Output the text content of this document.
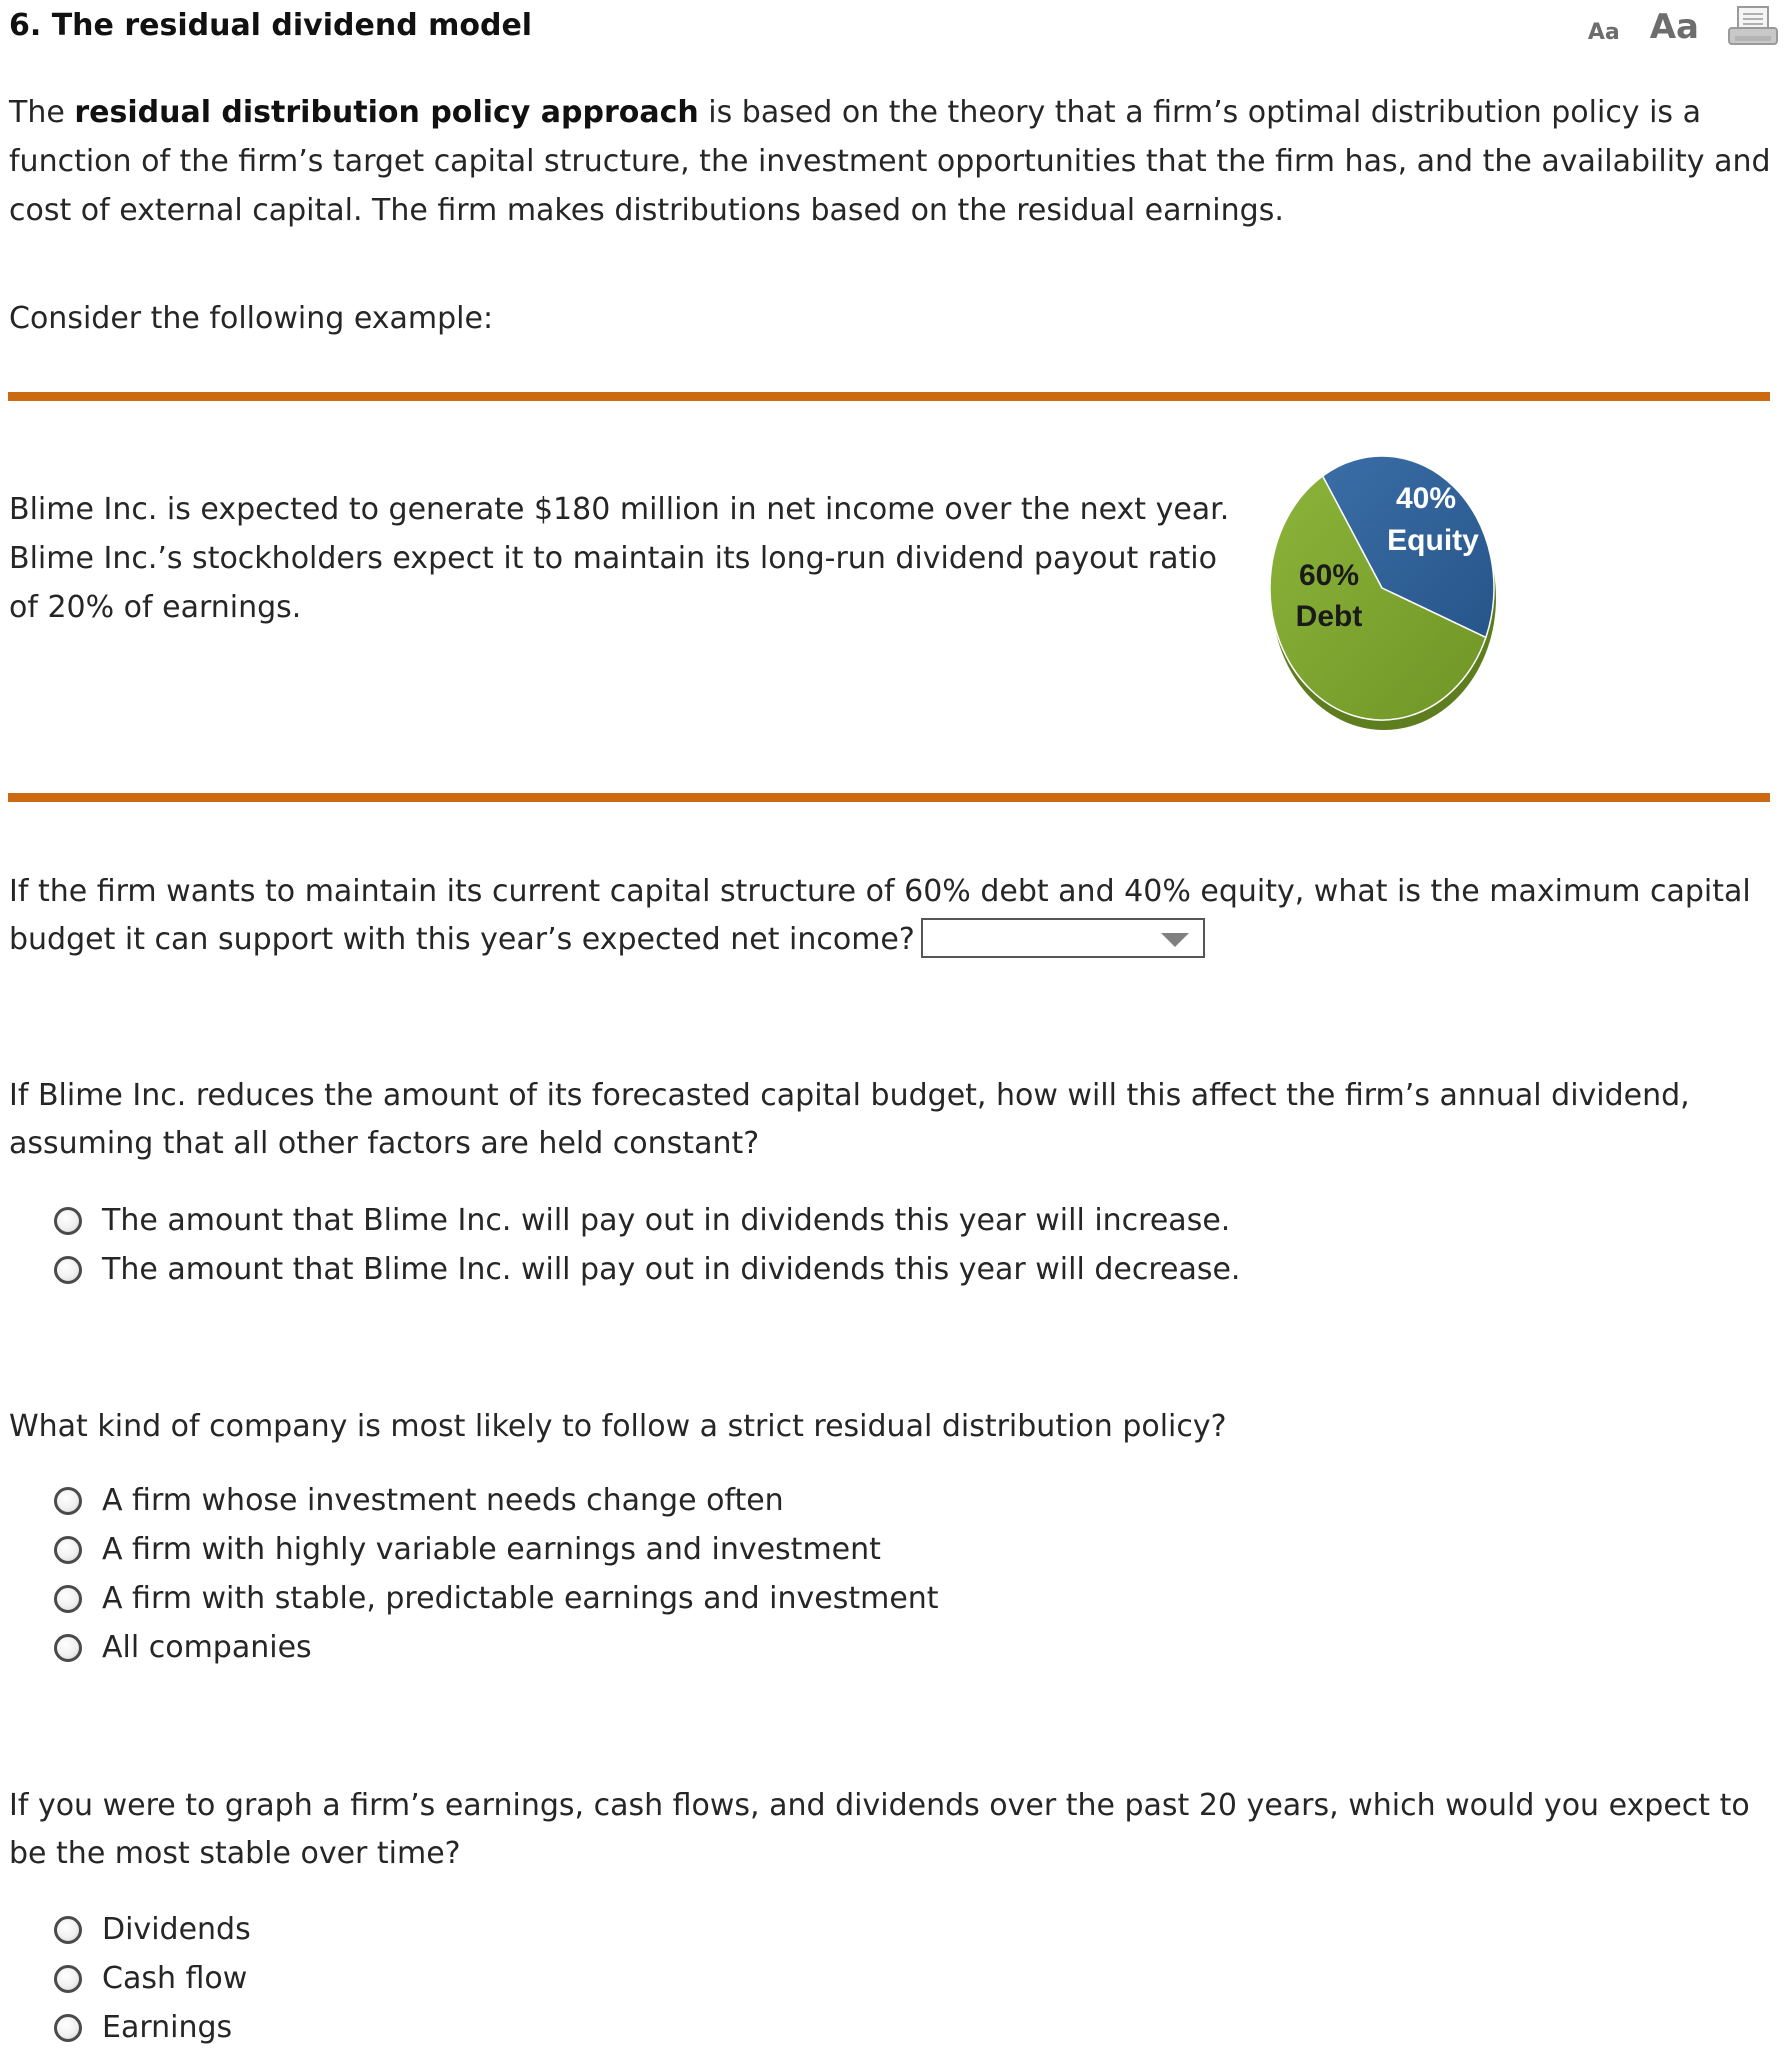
6. The residual dividend model	Aa Aa
The residual distribution policy approach is based on the theory that a firm’s optimal distribution policy is a function of the firm’s target capital structure, the investment opportunities that the firm has, and the availability and cost of external capital. The firm makes distributions based on the residual earnings.
Consider the following example:
Blime Inc. is expected to generate $180 million in net income over the next year. Blime Inc.’s stockholders expect it to maintain its long-run dividend payout ratio of 20% of earnings.
40%
Equity
60%
Debt
If the firm wants to maintain its current capital structure of 60% debt and 40% equity, what is the maximum capital budget it can support with this year’s expected net income?
If Blime Inc. reduces the amount of its forecasted capital budget, how will this affect the firm’s annual dividend, assuming that all other factors are held constant?
The amount that Blime Inc. will pay out in dividends this year will increase.
The amount that Blime Inc. will pay out in dividends this year will decrease.
What kind of company is most likely to follow a strict residual distribution policy?
A firm whose investment needs change often
A firm with highly variable earnings and investment
A firm with stable, predictable earnings and investment
All companies
If you were to graph a firm’s earnings, cash flows, and dividends over the past 20 years, which would you expect to be the most stable over time?
Dividends
Cash flow
Earnings
